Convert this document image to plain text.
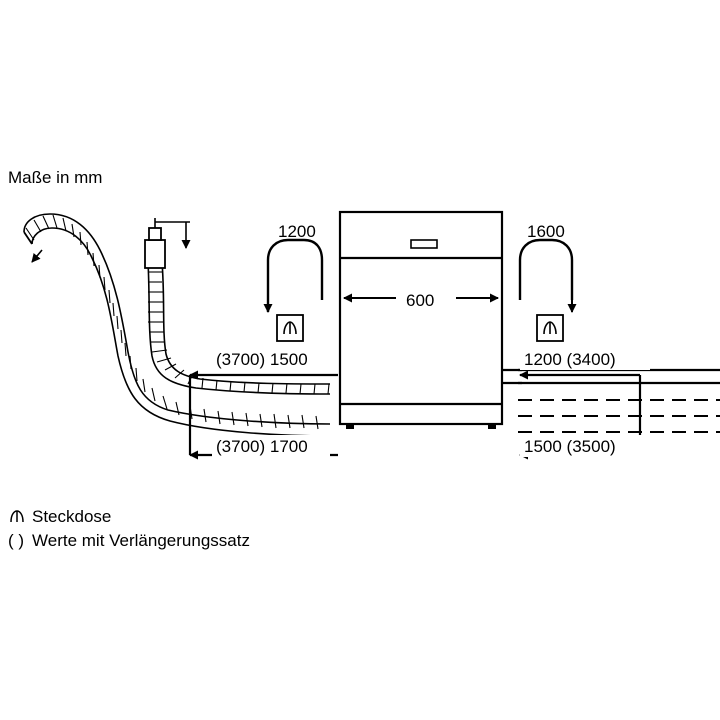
Maße in mm
1200	1600
600
(3700) 1500	1200 (3400)
(3700) 1700	1500 (3500)
Steckdose
( ) Werte mit Verlängerungssatz
